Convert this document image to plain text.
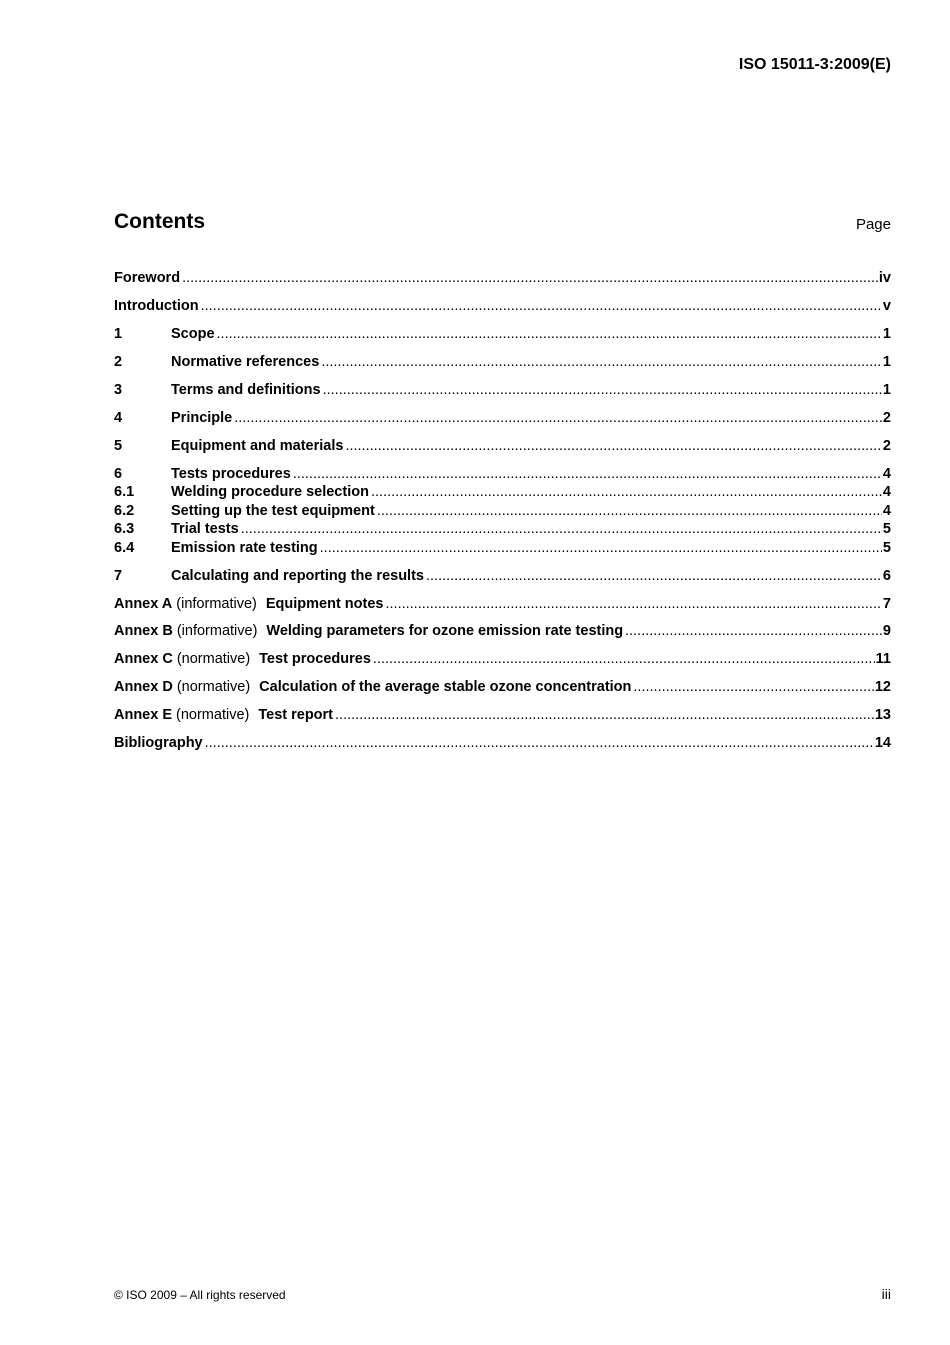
ISO 15011-3:2009(E)
Contents	Page
Foreword .....	iv
Introduction .....	v
1	Scope .....	1
2	Normative references .....	1
3	Terms and definitions .....	1
4	Principle .....	2
5	Equipment and materials .....	2
6	Tests procedures .....	4
6.1	Welding procedure selection .....	4
6.2	Setting up the test equipment .....	4
6.3	Trial tests .....	5
6.4	Emission rate testing .....	5
7	Calculating and reporting the results .....	6
Annex A (informative) Equipment notes .....	7
Annex B (informative) Welding parameters for ozone emission rate testing .....	9
Annex C (normative) Test procedures .....	11
Annex D (normative) Calculation of the average stable ozone concentration .....	12
Annex E (normative) Test report .....	13
Bibliography .....	14
© ISO 2009 – All rights reserved	iii
